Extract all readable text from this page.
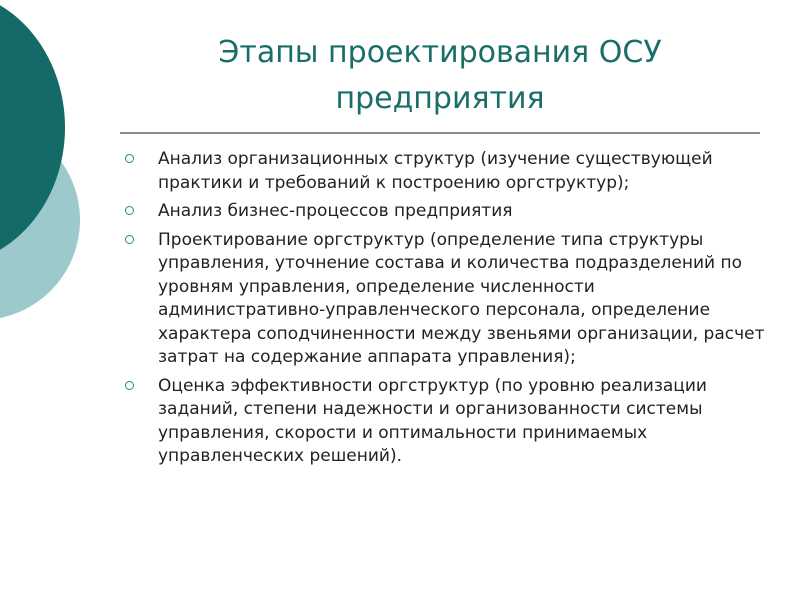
Этапы проектирования ОСУ
предприятия
Анализ организационных структур (изучение существующей практики и требований к построению оргструктур);
Анализ бизнес-процессов предприятия
Проектирование оргструктур (определение типа структуры управления, уточнение состава и количества подразделений по уровням управления, определение численности административно-управленческого персонала, определение характера соподчиненности между звеньями организации, расчет затрат на содержание аппарата управления);
Оценка эффективности оргструктур (по уровню реализации заданий, степени надежности и организованности системы управления, скорости и оптимальности принимаемых управленческих решений).
